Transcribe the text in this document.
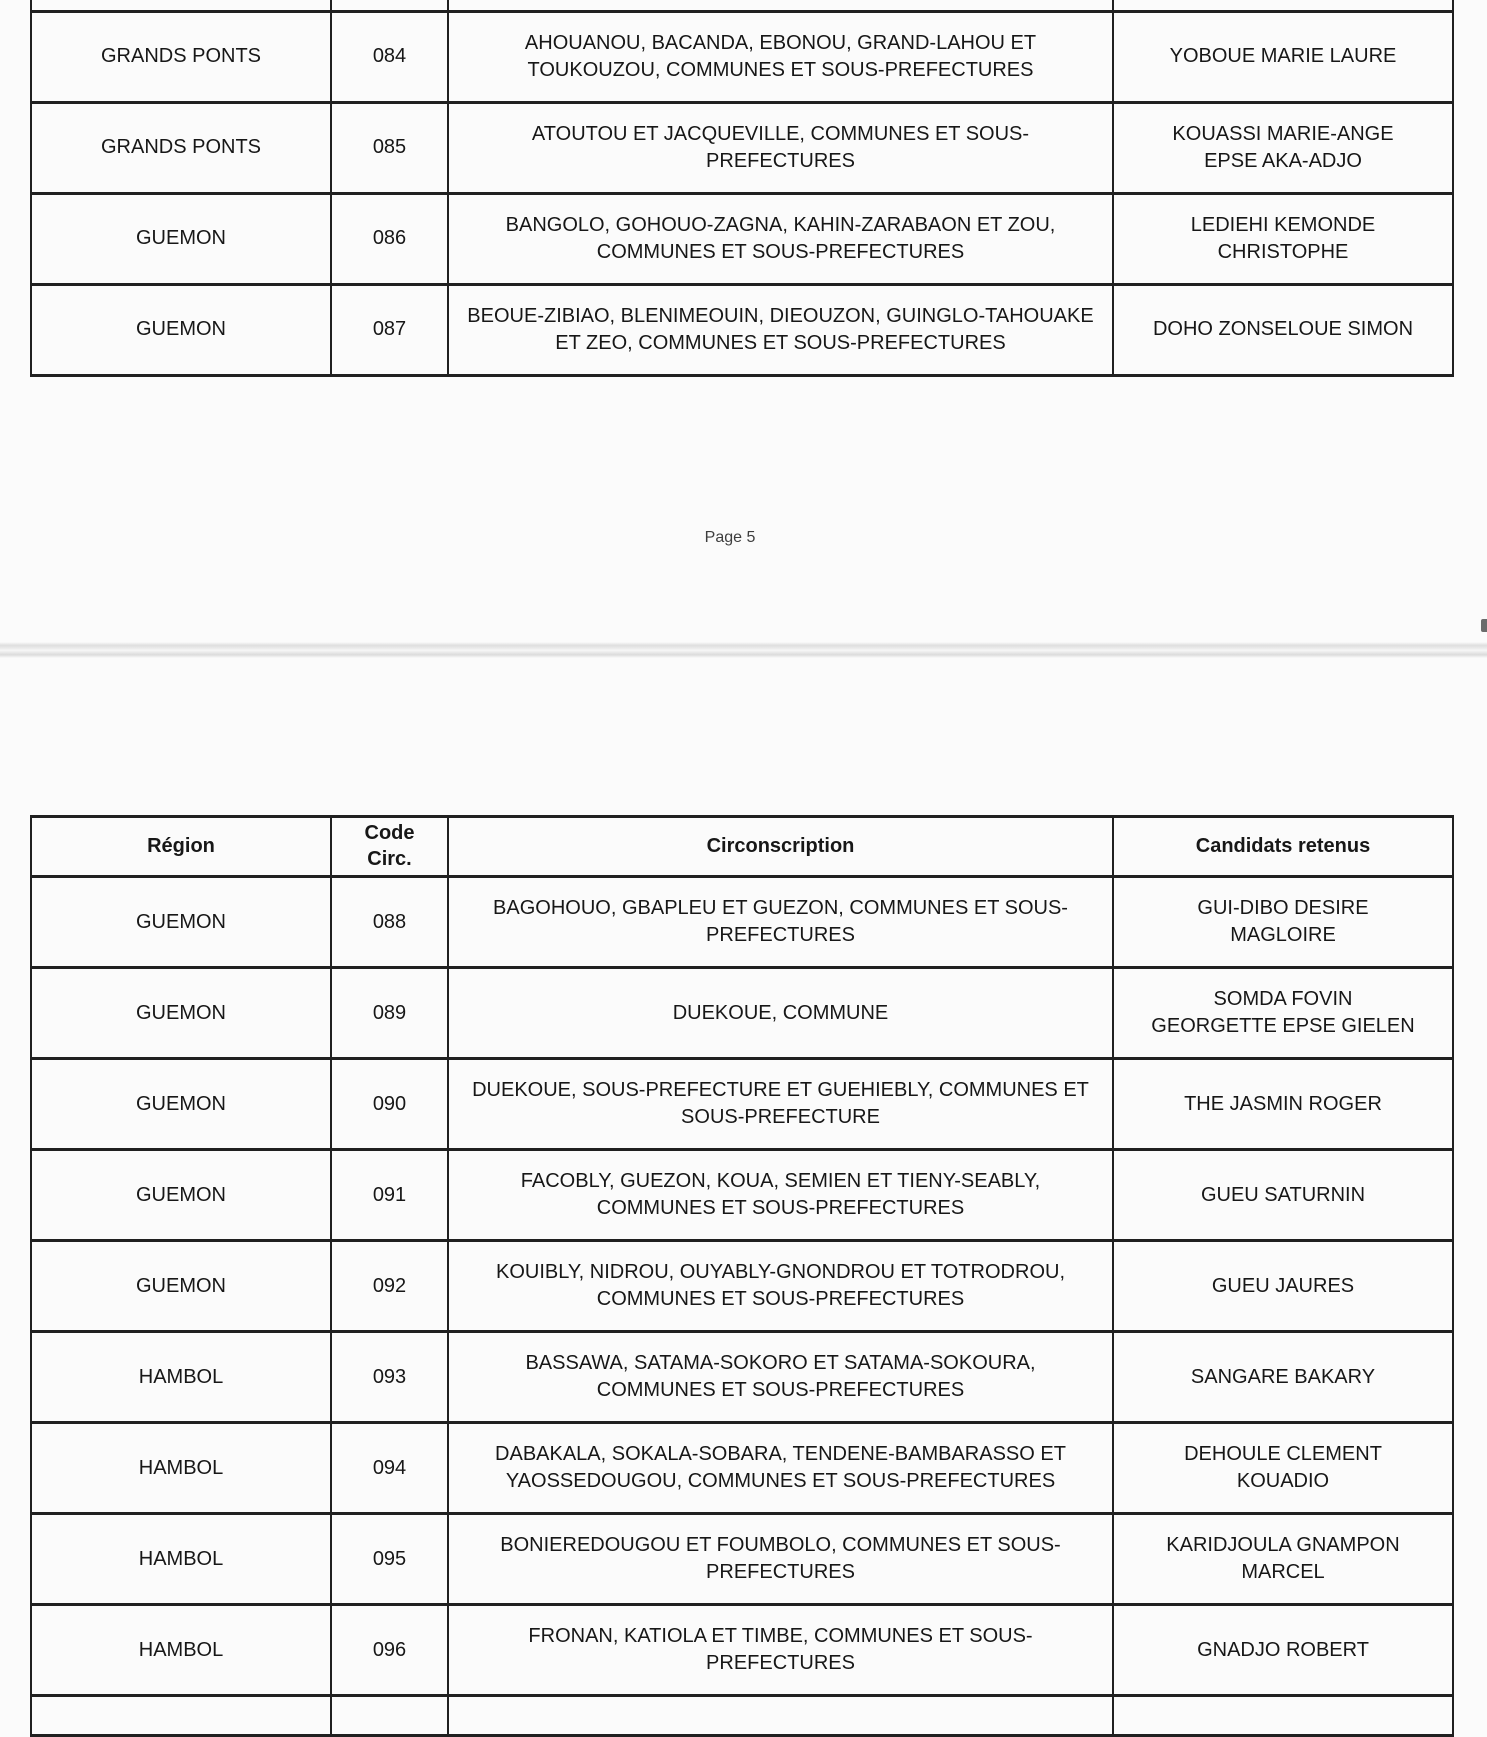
GRANDS PONTS	084	AHOUANOU, BACANDA, EBONOU, GRAND-LAHOU ET TOUKOUZOU, COMMUNES ET SOUS-PREFECTURES	YOBOUE MARIE LAURE
GRANDS PONTS	085	ATOUTOU ET JACQUEVILLE, COMMUNES ET SOUS-PREFECTURES	KOUASSI MARIE-ANGE EPSE AKA-ADJO
GUEMON	086	BANGOLO, GOHOUO-ZAGNA, KAHIN-ZARABAON ET ZOU, COMMUNES ET SOUS-PREFECTURES	LEDIEHI KEMONDE CHRISTOPHE
GUEMON	087	BEOUE-ZIBIAO, BLENIMEOUIN, DIEOUZON, GUINGLO-TAHOUAKE ET ZEO, COMMUNES ET SOUS-PREFECTURES	DOHO ZONSELOUE SIMON
Page 5
Région	Code Circ.	Circonscription	Candidats retenus
GUEMON	088	BAGOHOUO, GBAPLEU ET GUEZON, COMMUNES ET SOUS-PREFECTURES	GUI-DIBO DESIRE MAGLOIRE
GUEMON	089	DUEKOUE, COMMUNE	SOMDA FOVIN GEORGETTE EPSE GIELEN
GUEMON	090	DUEKOUE, SOUS-PREFECTURE ET GUEHIEBLY, COMMUNES ET SOUS-PREFECTURE	THE JASMIN ROGER
GUEMON	091	FACOBLY, GUEZON, KOUA, SEMIEN ET TIENY-SEABLY, COMMUNES ET SOUS-PREFECTURES	GUEU SATURNIN
GUEMON	092	KOUIBLY, NIDROU, OUYABLY-GNONDROU ET TOTRODROU, COMMUNES ET SOUS-PREFECTURES	GUEU JAURES
HAMBOL	093	BASSAWA, SATAMA-SOKORO ET SATAMA-SOKOURA, COMMUNES ET SOUS-PREFECTURES	SANGARE BAKARY
HAMBOL	094	DABAKALA, SOKALA-SOBARA, TENDENE-BAMBARASSO ET YAOSSEDOUGOU, COMMUNES ET SOUS-PREFECTURES	DEHOULE CLEMENT KOUADIO
HAMBOL	095	BONIEREDOUGOU ET FOUMBOLO, COMMUNES ET SOUS-PREFECTURES	KARIDJOULA GNAMPON MARCEL
HAMBOL	096	FRONAN, KATIOLA ET TIMBE, COMMUNES ET SOUS-PREFECTURES	GNADJO ROBERT
